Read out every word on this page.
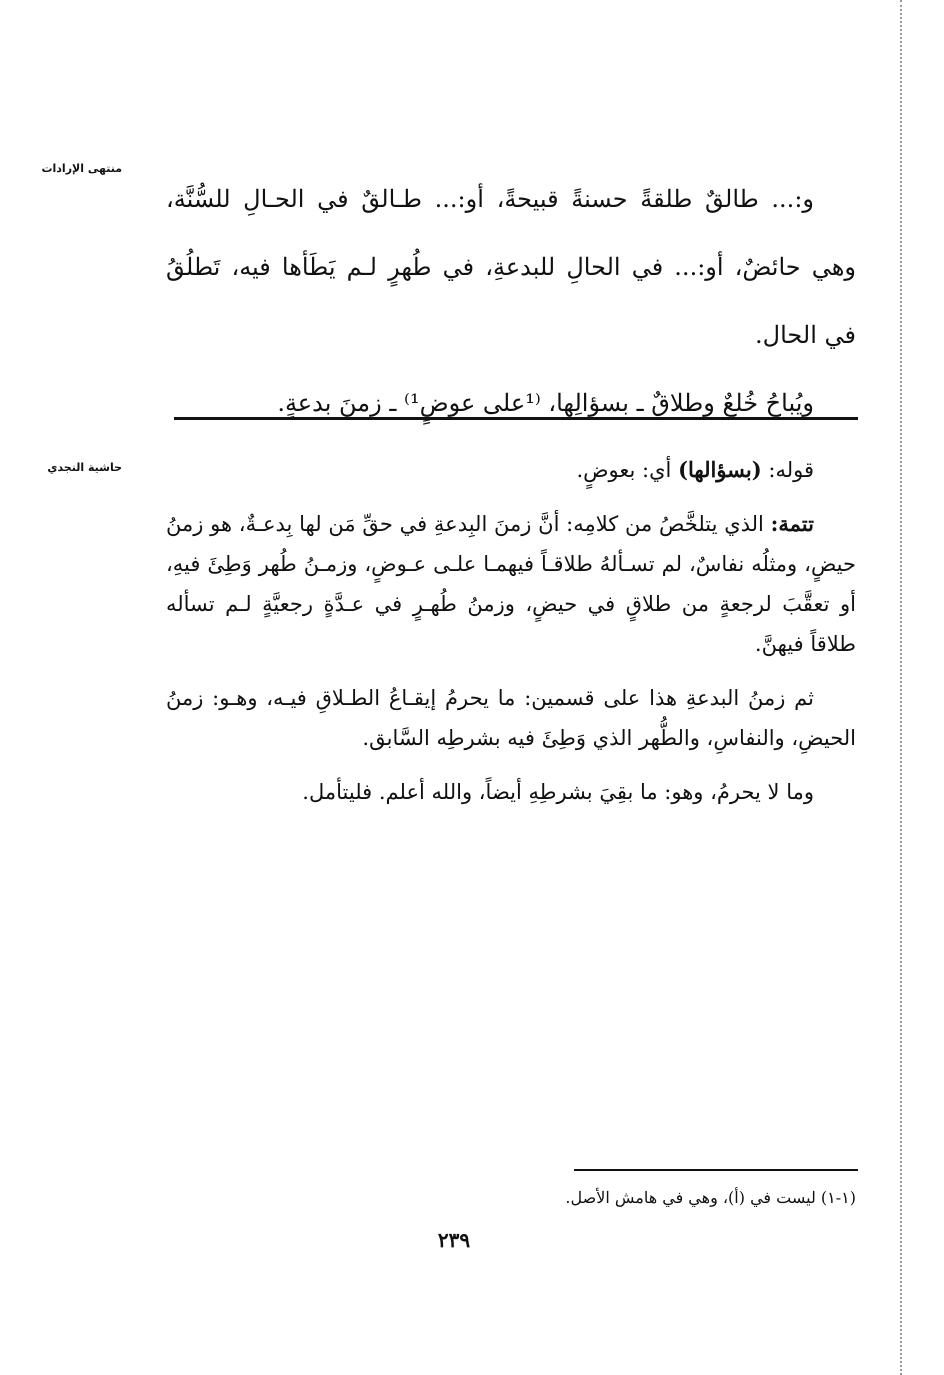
منتهى الإرادات
حاشية النجدي

و:... طالقٌ طلقةً حسنةً قبيحةً، أو:... طـالقٌ في الحـالِ للسُّنَّة، وهي حائضٌ، أو:... في الحالِ للبدعةِ، في طُهرٍ لـم يَطَأها فيه، تَطلُقُ في الحال.

ويُباحُ خُلعٌ وطلاقٌ ـ بسؤالِها، ⁽¹على عوضٍ¹⁾ ـ زمنَ بدعةٍ.

قوله: (بسؤالها) أي: بعوضٍ.

تتمة: الذي يتلخَّصُ من كلامِه: أنَّ زمنَ البِدعةِ في حقِّ مَن لها بِدعـةٌ، هو زمنُ حيضٍ، ومثلُه نفاسٌ، لم تسـألهُ طلاقـاً فيهمـا علـى عـوضٍ، وزمـنُ طُهر وَطِئَ فيهِ، أو تعقَّبَ لرجعةٍ من طلاقٍ في حيضٍ، وزمنُ طُهـرٍ في عـدَّةٍ رجعيَّةٍ لـم تسأله طلاقاً فيهنَّ.

ثم زمنُ البدعةِ هذا على قسمين: ما يحرمُ إيقـاعُ الطـلاقِ فيـه، وهـو: زمنُ الحيضِ، والنفاسِ، والطُّهر الذي وَطِئَ فيه بشرطِه السَّابق.

وما لا يحرمُ، وهو: ما بقِيَ بشرطِهِ أيضاً، والله أعلم. فليتأمل.

(١-١) ليست في (أ)، وهي في هامش الأصل.
٢٣٩
